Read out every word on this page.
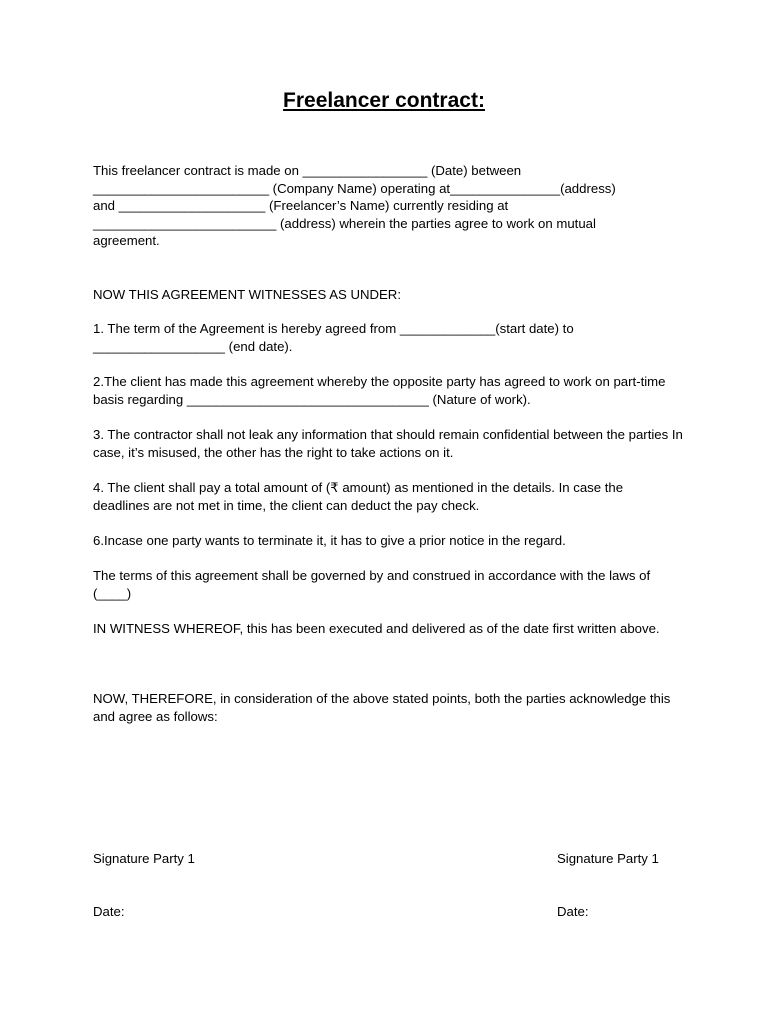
Freelancer contract:

This freelancer contract is made on _________________ (Date) between
________________________ (Company Name) operating at_______________(address)
and ____________________ (Freelancer’s Name) currently residing at
_________________________ (address) wherein the parties agree to work on mutual
agreement.

NOW THIS AGREEMENT WITNESSES AS UNDER:

1. The term of the Agreement is hereby agreed from _____________(start date) to __________________ (end date).

2.The client has made this agreement whereby the opposite party has agreed to work on part-time basis regarding _________________________________ (Nature of work).

3. The contractor shall not leak any information that should remain confidential between the parties In case, it’s misused, the other has the right to take actions on it.

4. The client shall pay a total amount of (₹ amount) as mentioned in the details. In case the deadlines are not met in time, the client can deduct the pay check.

6.Incase one party wants to terminate it, it has to give a prior notice in the regard.

The terms of this agreement shall be governed by and construed in accordance with the laws of (____)

IN WITNESS WHEREOF, this has been executed and delivered as of the date first written above.

NOW, THEREFORE, in consideration of the above stated points, both the parties acknowledge this and agree as follows:

Signature Party 1	Signature Party 1
Date:	Date:
